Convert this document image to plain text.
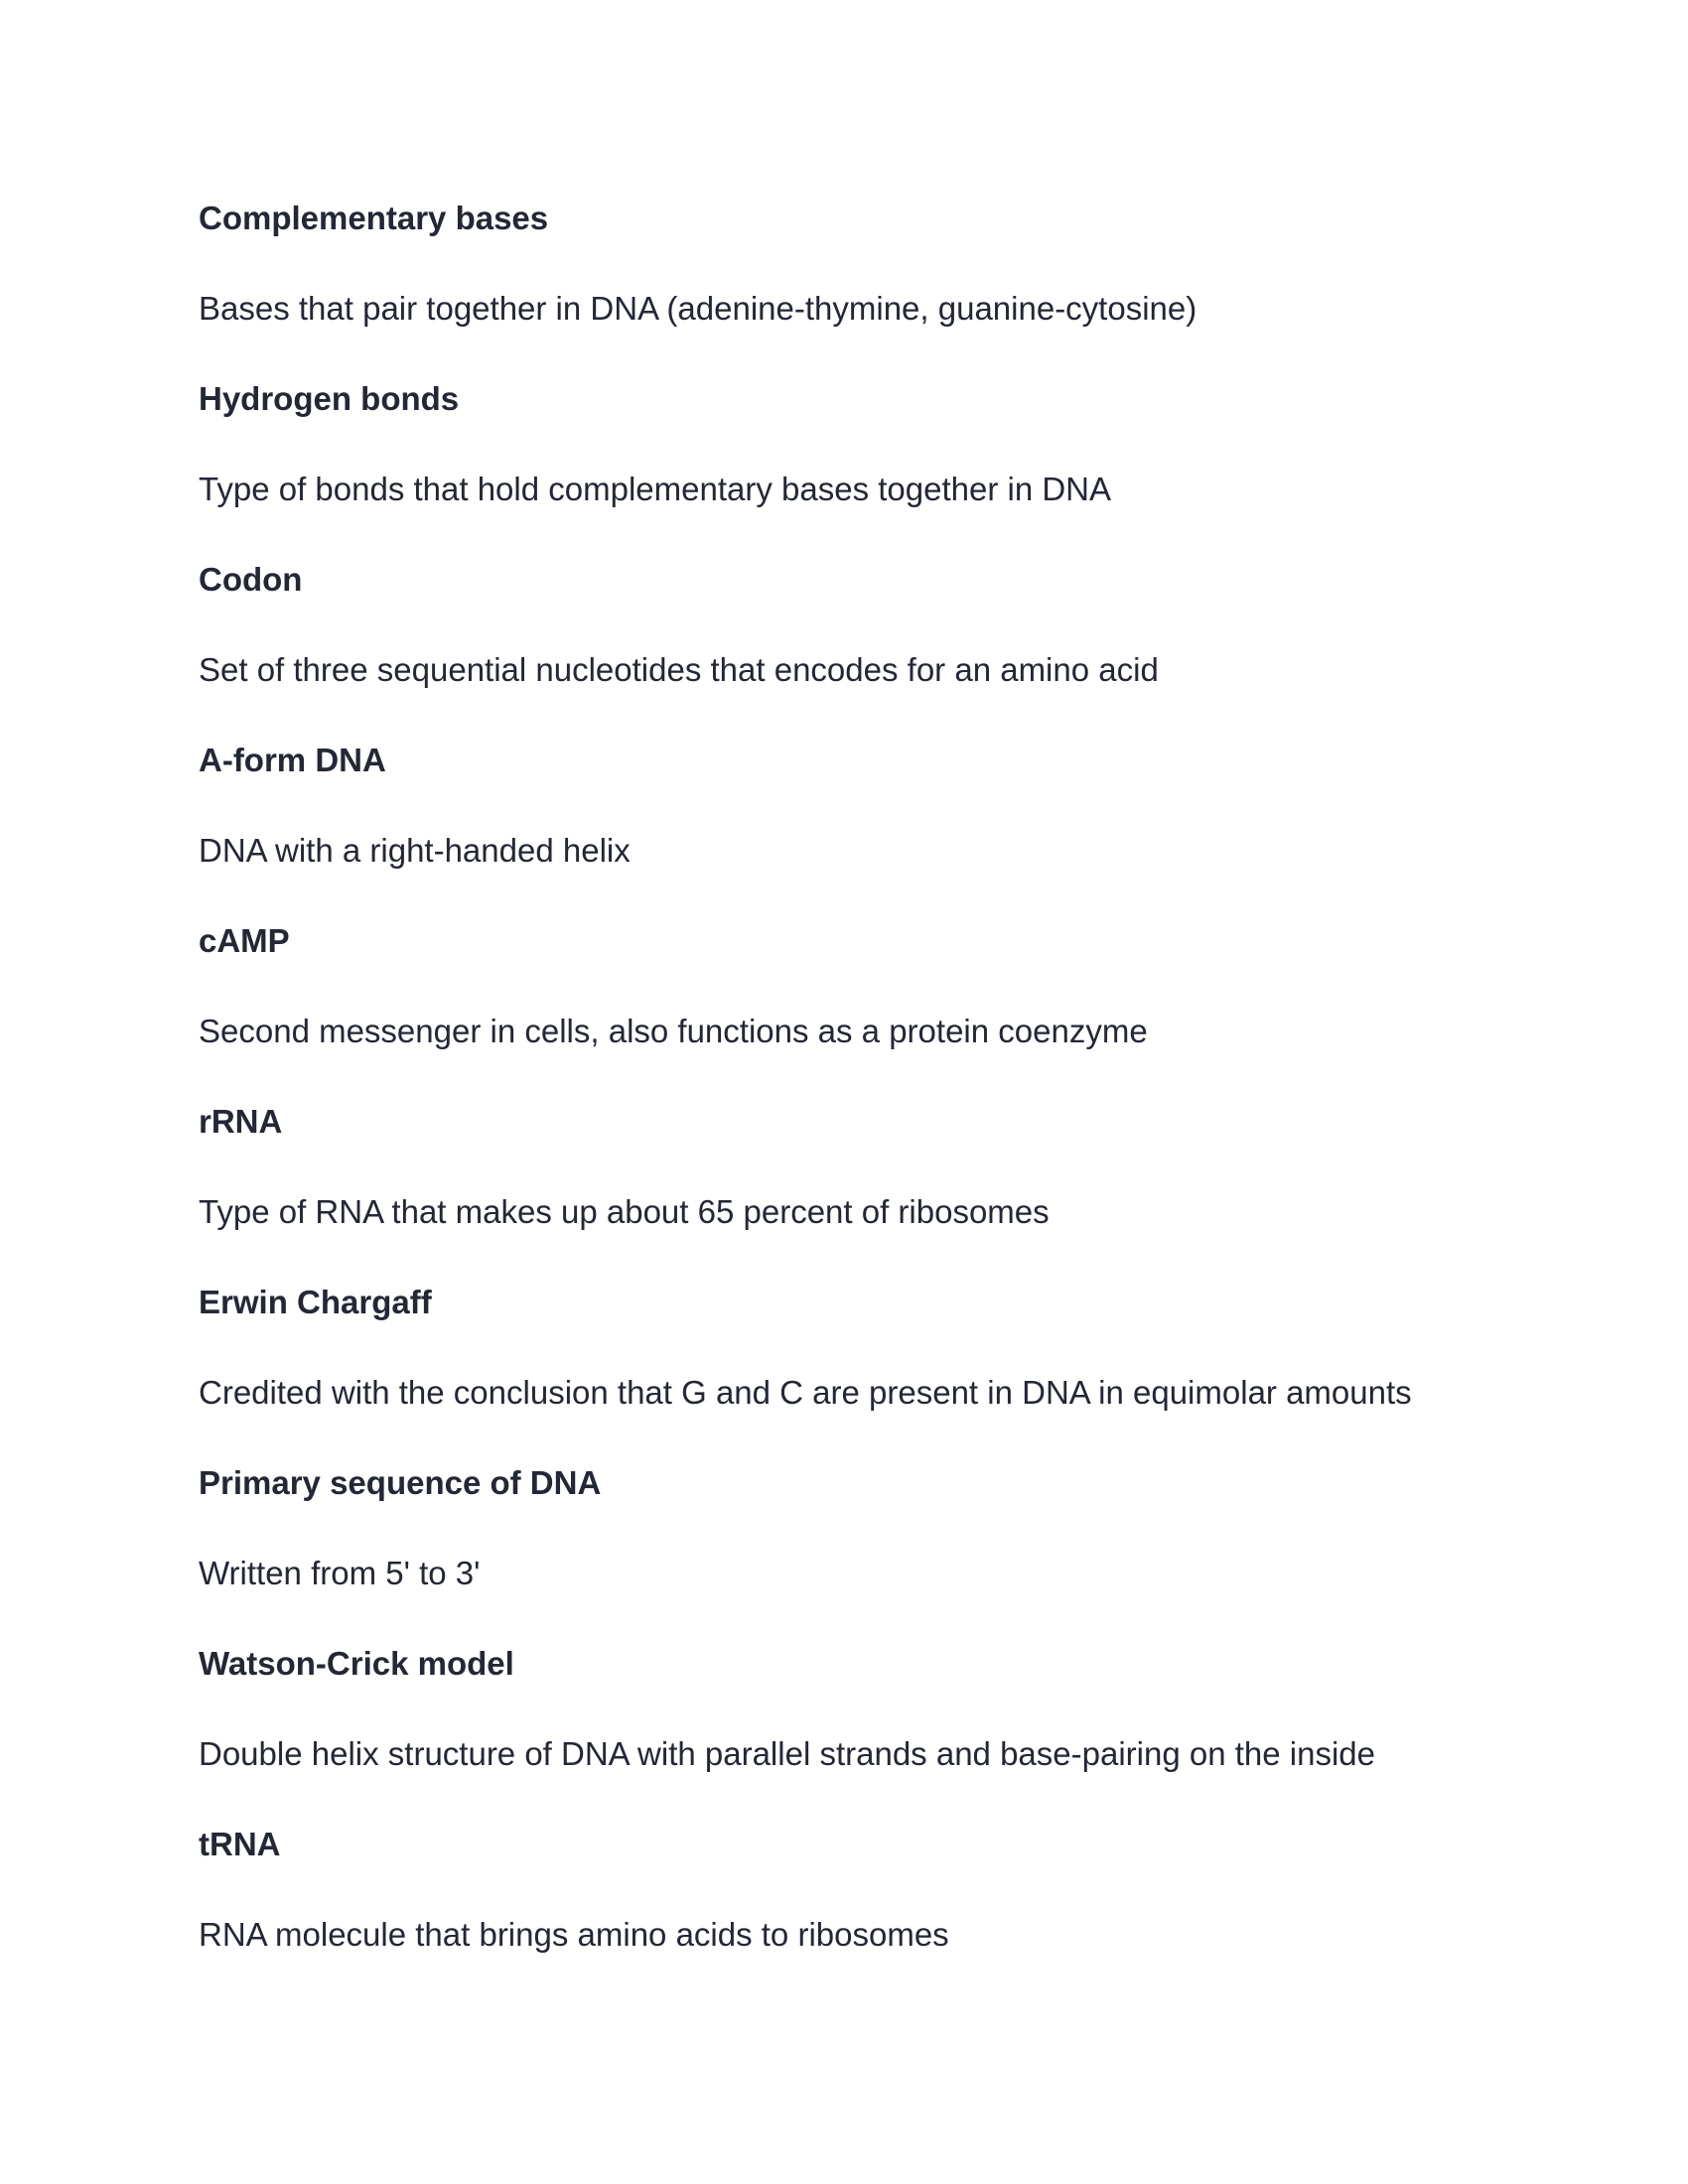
Complementary bases

Bases that pair together in DNA (adenine-thymine, guanine-cytosine)

Hydrogen bonds

Type of bonds that hold complementary bases together in DNA

Codon

Set of three sequential nucleotides that encodes for an amino acid

A-form DNA

DNA with a right-handed helix

cAMP

Second messenger in cells, also functions as a protein coenzyme

rRNA

Type of RNA that makes up about 65 percent of ribosomes

Erwin Chargaff

Credited with the conclusion that G and C are present in DNA in equimolar amounts

Primary sequence of DNA

Written from 5' to 3'

Watson-Crick model

Double helix structure of DNA with parallel strands and base-pairing on the inside

tRNA

RNA molecule that brings amino acids to ribosomes
